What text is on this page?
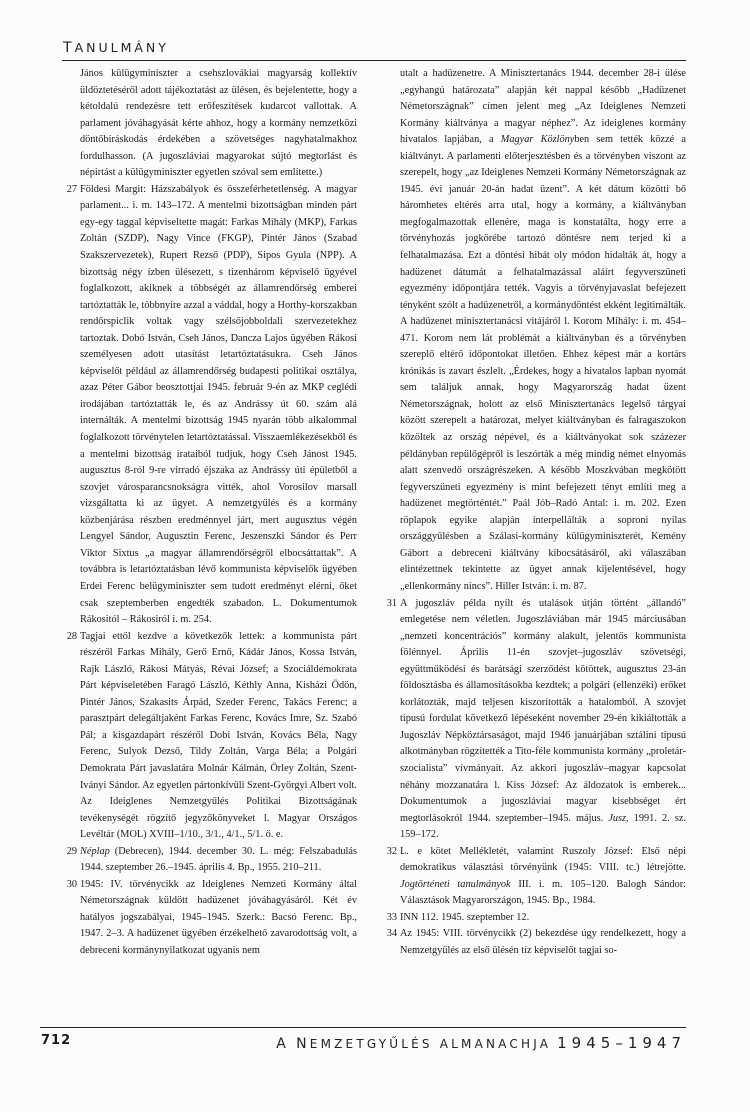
TANULMÁNY

János külügyminiszter a csehszlovákiai magyarság kollektív üldöztetéséről adott tájékoztatást az ülésen, és bejelentette, hogy a kétoldalú rendezésre tett erőfeszítések kudarcot vallottak. A parlament jóváhagyását kérte ahhoz, hogy a kormány nemzetközi döntőbíráskodás érdekében a szövetséges nagyhatalmakhoz fordulhasson. (A jugoszláviai magyarokat sújtó megtorlást és népirtást a külügyminiszter egyetlen szóval sem említette.)

27 Földesi Margit: Házszabályok és összeférhetetlenség. A magyar parlament... i. m. 143–172. A mentelmi bizottságban minden párt egy-egy taggal képviseltette magát: Farkas Mihály (MKP), Farkas Zoltán (SZDP), Nagy Vince (FKGP), Pintér János (Szabad Szakszervezetek), Rupert Rezső (PDP), Sipos Gyula (NPP). A bizottság négy ízben ülésezett, s tizenhárom képviselő ügyével foglalkozott, akiknek a többségét az államrendőrség emberei tartóztatták le, többnyire azzal a váddal, hogy a Horthy-korszakban rendőrspiclik voltak vagy szélsőjobboldali szervezetekhez tartoztak. Dobó István, Cseh János, Dancza Lajos ügyében Rákosi személyesen adott utasítást letartóztatásukra. Cseh János képviselőt például az államrendőrség budapesti politikai osztálya, azaz Péter Gábor beosztottjai 1945. február 9-én az MKP ceglédi irodájában tartóztatták le, és az Andrássy út 60. szám alá internálták. A mentelmi bizottság 1945 nyarán több alkalommal foglalkozott törvénytelen letartóztatással. Visszaemlékezésekből és a mentelmi bizottság irataiból tudjuk, hogy Cseh Jánost 1945. augusztus 8-ról 9-re virradó éjszaka az Andrássy úti épületből a szovjet városparancsnokságra vitték, ahol Vorosilov marsall vizsgáltatta ki az ügyet. A nemzetgyűlés és a kormány közbenjárása részben eredménnyel járt, mert augusztus végén Lengyel Sándor, Augusztin Ferenc, Jeszenszki Sándor és Perr Viktor Sixtus „a magyar államrendőrségről elbocsáttattak”. A továbbra is letartóztatásban lévő kommunista képviselők ügyében Erdei Ferenc belügyminiszter sem tudott eredményt elérni, őket csak szeptemberben engedték szabadon. L. Dokumentumok Rákositól – Rákosiról i. m. 254.

28 Tagjai ettől kezdve a következők lettek: a kommunista párt részéről Farkas Mihály, Gerő Ernő, Kádár János, Kossa István, Rajk László, Rákosi Mátyás, Révai József; a Szociáldemokrata Párt képviseletében Faragó László, Kéthly Anna, Kisházi Ödön, Pintér János, Szakasits Árpád, Szeder Ferenc, Takács Ferenc; a parasztpárt delegáltjaként Farkas Ferenc, Kovács Imre, Sz. Szabó Pál; a kisgazdapárt részéről Dobi István, Kovács Béla, Nagy Ferenc, Sulyok Dezső, Tildy Zoltán, Varga Béla; a Polgári Demokrata Párt javaslatára Molnár Kálmán, Örley Zoltán, Szent-Iványi Sándor. Az egyetlen pártonkívüli Szent-Györgyi Albert volt. Az Ideiglenes Nemzetgyűlés Politikai Bizottságának tevékenységét rögzítő jegyzőkönyveket l. Magyar Országos Levéltár (MOL) XVIII–1/10., 3/1., 4/1., 5/1. ő. e.

29 Néplap (Debrecen), 1944. december 30. L. még: Felszabadulás 1944. szeptember 26.–1945. április 4. Bp., 1955. 210–211.

30 1945: IV. törvénycikk az Ideiglenes Nemzeti Kormány által Németországnak küldött hadüzenet jóváhagyásáról. Két év hatályos jogszabályai, 1945–1945. Szerk.: Bacsó Ferenc. Bp., 1947. 2–3. A hadüzenet ügyében érzékelhető zavarodottság volt, a debreceni kormánynyilatkozat ugyanis nem

utalt a hadüzenetre. A Minisztertanács 1944. december 28-i ülése „egyhangú határozata” alapján két nappal később „Hadüzenet Németországnak” címen jelent meg „Az Ideiglenes Nemzeti Kormány kiáltványa a magyar néphez”. Az ideiglenes kormány hivatalos lapjában, a Magyar Közlönyben sem tették közzé a kiáltványt. A parlamenti előterjesztésben és a törvényben viszont az szerepelt, hogy „az Ideiglenes Nemzeti Kormány Németországnak az 1945. évi január 20-án hadat üzent”. A két dátum közötti bő háromhetes eltérés arra utal, hogy a kormány, a kiáltványban megfogalmazottak ellenére, maga is konstatálta, hogy erre a törvényhozás jogkörébe tartozó döntésre nem terjed ki a felhatalmazása. Ezt a döntési hibát oly módon hidalták át, hogy a hadüzenet dátumát a felhatalmazással aláírt fegyverszüneti egyezmény időpontjára tették. Vagyis a törvényjavaslat befejezett tényként szólt a hadüzenetről, a kormánydöntést ekként legitimálták. A hadüzenet minisztertanácsi vitájáról l. Korom Mihály: i. m. 454–471. Korom nem lát problémát a kiáltványban és a törvényben szereplő eltérő időpontokat illetően. Ehhez képest már a kortárs krónikás is zavart észlelt. „Érdekes, hogy a hivatalos lapban nyomát sem találjuk annak, hogy Magyarország hadat üzent Németországnak, holott az első Minisztertanács legelső tárgyai között szerepelt a határozat, melyet kiáltványban és falragaszokon közöltek az ország népével, és a kiáltványokat sok százezer példányban repülőgépről is leszórták a még mindig német elnyomás alatt szenvedő országrészeken. A később Moszkvában megkötött fegyverszüneti egyezmény is mint befejezett tényt említi meg a hadüzenet megtörténtét.” Paál Jób–Radó Antal: i. m. 202. Ezen röplapok egyike alapján interpellálták a soproni nyilas országgyűlésben a Szálasi-kormány külügyminiszterét, Kemény Gábort a debreceni kiáltvány kibocsátásáról, aki válaszában elintézettnek tekintette az ügyet annak kijelentésével, hogy „ellenkormány nincs”. Hiller István: i. m. 87.

31 A jugoszláv példa nyílt és utalások útján történt „állandó” emlegetése nem véletlen. Jugoszláviában már 1945 márciusában „nemzeti koncentrációs” kormány alakult, jelentős kommunista fölénnyel. Április 11-én szovjet–jugoszláv szövetségi, együttműködési és barátsági szerződést kötöttek, augusztus 23-án földosztásba és államosításokba kezdtek; a polgári (ellenzéki) erőket korlátozták, majd teljesen kiszorították a hatalomból. A szovjet típusú fordulat következő lépéseként november 29-én kikiáltották a Jugoszláv Népköztársaságot, majd 1946 januárjában sztálini típusú alkotmányban rögzítették a Tito-féle kommunista kormány „proletár-szocialista” vívmányait. Az akkori jugoszláv–magyar kapcsolat néhány mozzanatára l. Kiss József: Az áldozatok is emberek... Dokumentumok a jugoszláviai magyar kisebbséget ért megtorlásokról 1944. szeptember–1945. május. Jusz, 1991. 2. sz. 159–172.

32 L. e kötet Mellékletét, valamint Ruszoly József: Első népi demokratikus választási törvényünk (1945: VIII. tc.) létrejötte. Jogtörténeti tanulmányok III. i. m. 105–120. Balogh Sándor: Választások Magyarországon, 1945. Bp., 1984.

33 INN 112. 1945. szeptember 12.

34 Az 1945: VIII. törvénycikk (2) bekezdése úgy rendelkezett, hogy a Nemzetgyűlés az első ülésén tíz képviselőt tagjai so-

712	A NEMZETGYŰLÉS ALMANACHJA 1945–1947
